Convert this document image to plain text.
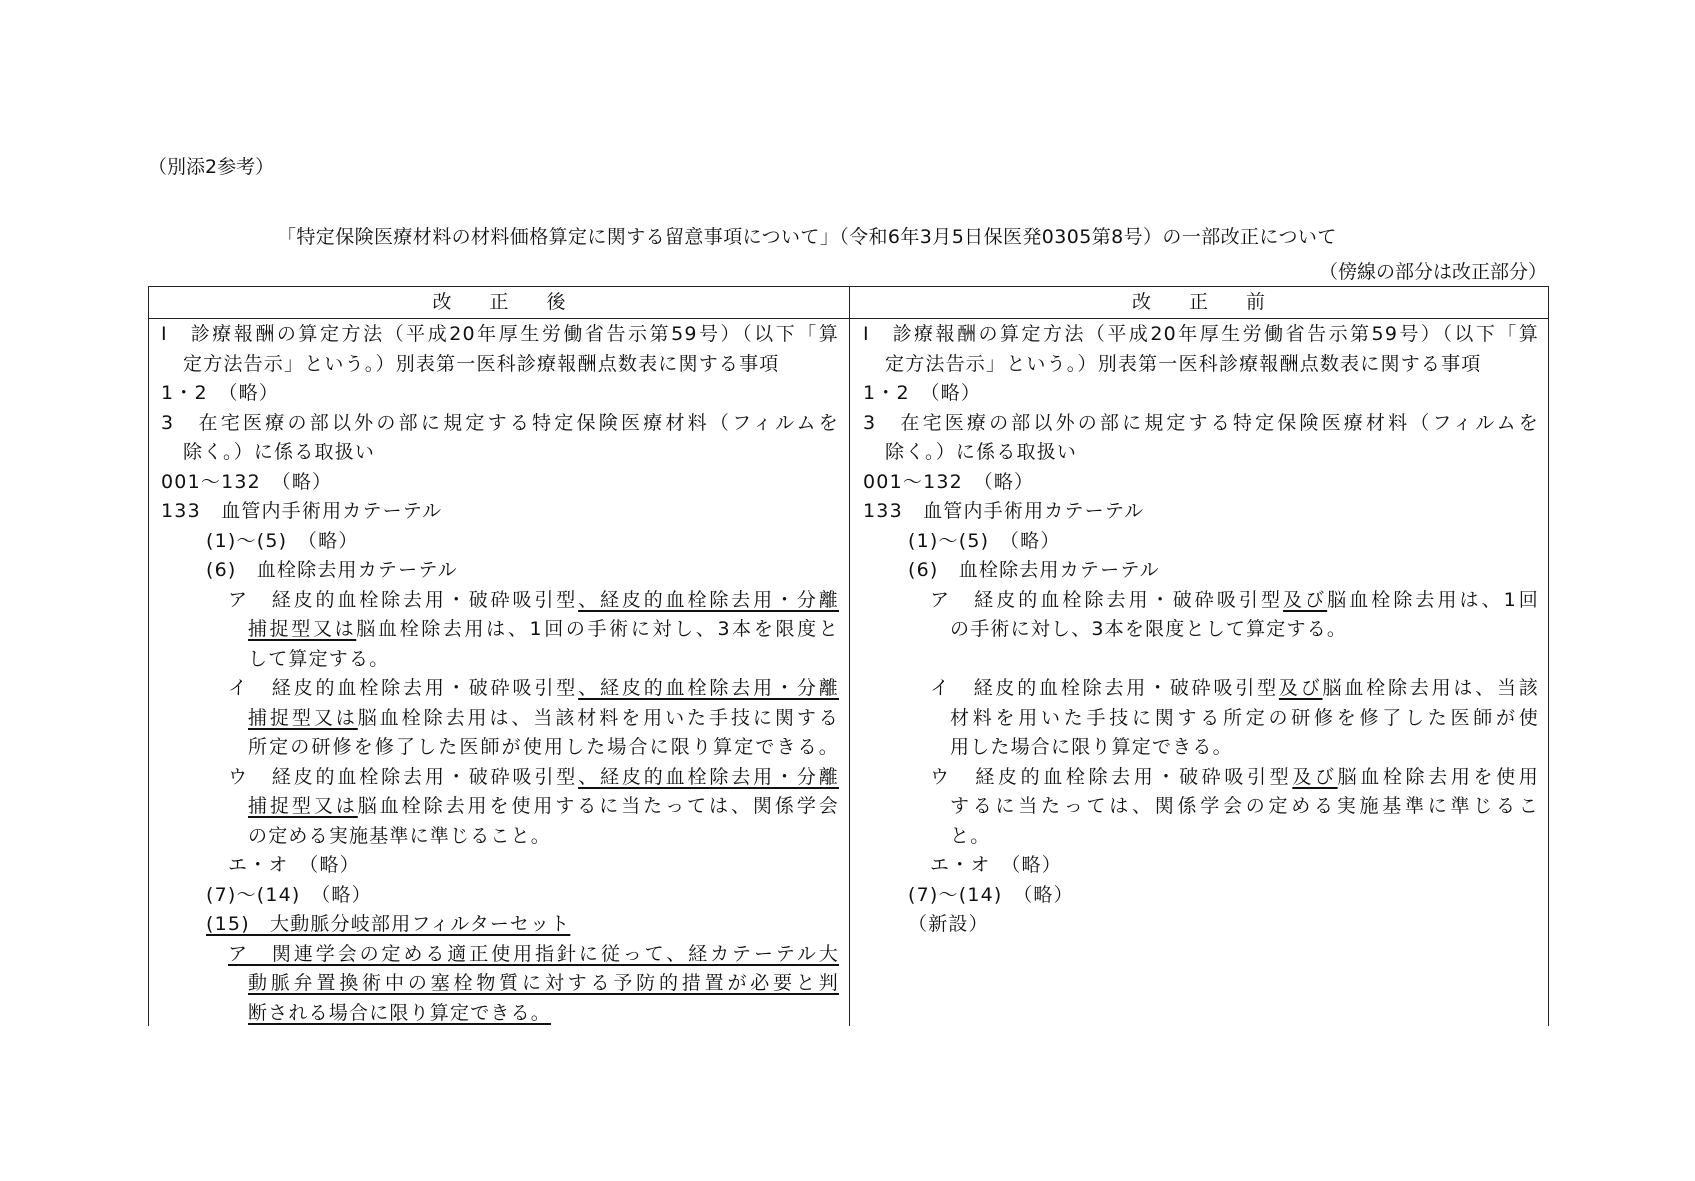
（別添2参考）
「特定保険医療材料の材料価格算定に関する留意事項について」（令和6年3月5日保医発0305第8号）の一部改正について
（傍線の部分は改正部分）
改　　正　　後	改　　正　　前
Ⅰ　診療報酬の算定方法（平成20年厚生労働省告示第59号）（以下「算
定方法告示」という。）別表第一医科診療報酬点数表に関する事項
1・2　（略）
3　在宅医療の部以外の部に規定する特定保険医療材料（フィルムを
除く。）に係る取扱い
001～132　（略）
133　血管内手術用カテーテル
(1)～(5)　（略）
(6)　血栓除去用カテーテル
ア　経皮的血栓除去用・破砕吸引型、経皮的血栓除去用・分離
捕捉型又は脳血栓除去用は、1回の手術に対し、3本を限度と
して算定する。
イ　経皮的血栓除去用・破砕吸引型、経皮的血栓除去用・分離
捕捉型又は脳血栓除去用は、当該材料を用いた手技に関する
所定の研修を修了した医師が使用した場合に限り算定できる。
ウ　経皮的血栓除去用・破砕吸引型、経皮的血栓除去用・分離
捕捉型又は脳血栓除去用を使用するに当たっては、関係学会
の定める実施基準に準じること。
エ・オ　（略）
(7)～(14)　（略）
(15)　大動脈分岐部用フィルターセット
ア　関連学会の定める適正使用指針に従って、経カテーテル大
動脈弁置換術中の塞栓物質に対する予防的措置が必要と判
断される場合に限り算定できる。
Ⅰ　診療報酬の算定方法（平成20年厚生労働省告示第59号）（以下「算
定方法告示」という。）別表第一医科診療報酬点数表に関する事項
1・2　（略）
3　在宅医療の部以外の部に規定する特定保険医療材料（フィルムを
除く。）に係る取扱い
001～132　（略）
133　血管内手術用カテーテル
(1)～(5)　（略）
(6)　血栓除去用カテーテル
ア　経皮的血栓除去用・破砕吸引型及び脳血栓除去用は、1回
の手術に対し、3本を限度として算定する。

イ　経皮的血栓除去用・破砕吸引型及び脳血栓除去用は、当該
材料を用いた手技に関する所定の研修を修了した医師が使
用した場合に限り算定できる。
ウ　経皮的血栓除去用・破砕吸引型及び脳血栓除去用を使用
するに当たっては、関係学会の定める実施基準に準じるこ
と。
エ・オ　（略）
(7)～(14)　（略）
（新設）
